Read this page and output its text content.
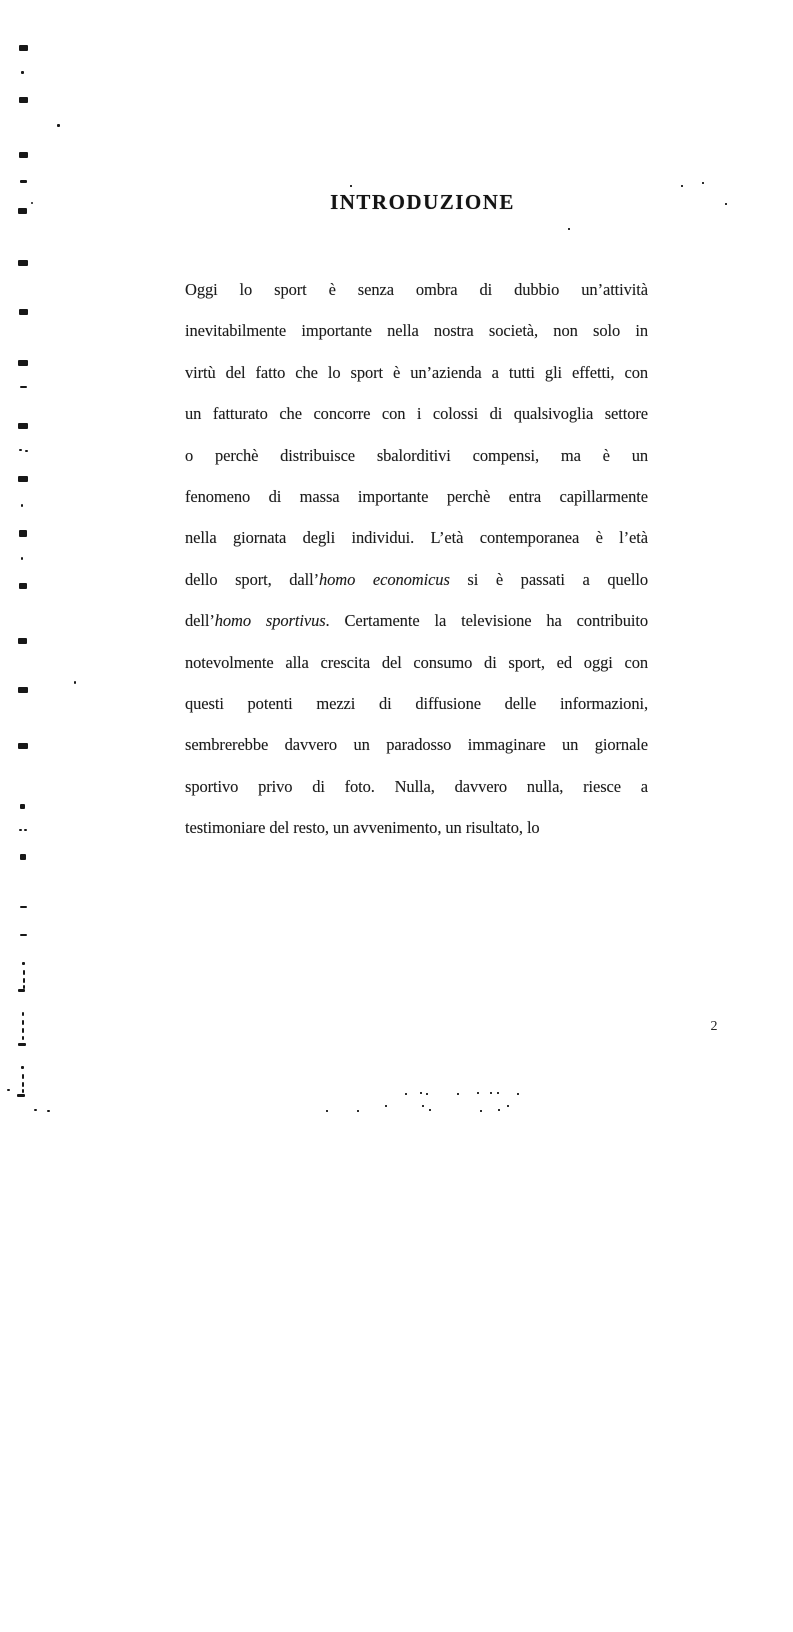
INTRODUZIONE
Oggi lo sport è senza ombra di dubbio un’attività
inevitabilmente importante nella nostra società, non solo in
virtù del fatto che lo sport è un’azienda a tutti gli effetti, con
un fatturato che concorre con i colossi di qualsivoglia settore
o perchè distribuisce sbalorditivi compensi, ma è un
fenomeno di massa importante perchè entra capillarmente
nella giornata degli individui. L’età contemporanea è l’età
dello sport, dall’homo economicus si è passati a quello
dell’homo sportivus. Certamente la televisione ha contribuito
notevolmente alla crescita del consumo di sport, ed oggi con
questi potenti mezzi di diffusione delle informazioni,
sembrerebbe davvero un paradosso immaginare un giornale
sportivo privo di foto. Nulla, davvero nulla, riesce a
testimoniare del resto, un avvenimento, un risultato, lo
2
